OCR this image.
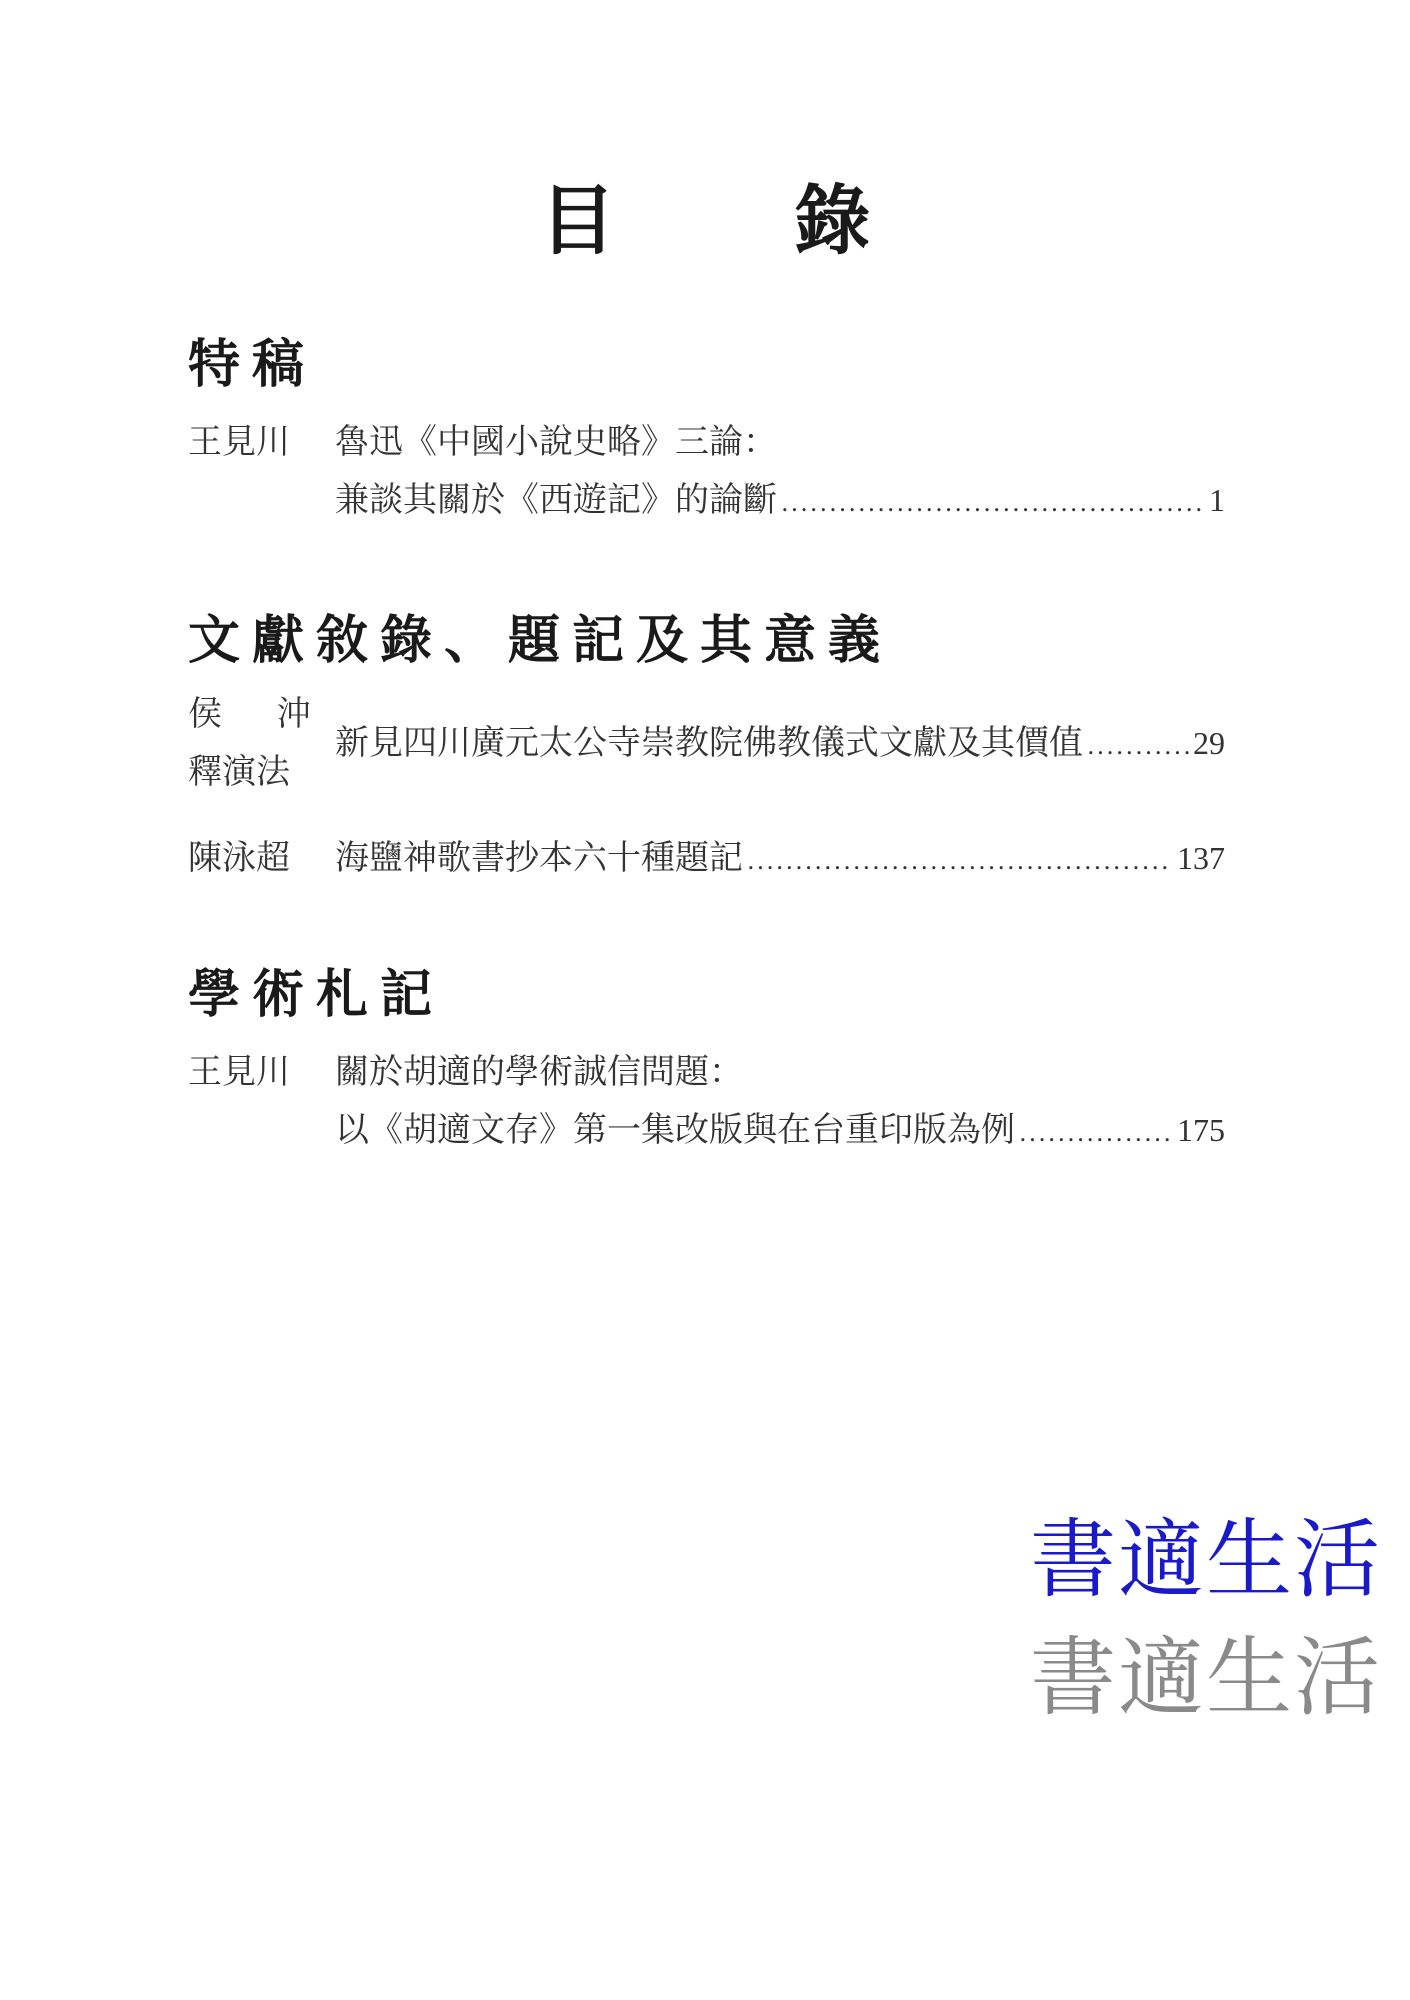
目 錄
特稿
王見川 魯迅《中國小說史略》三論：
兼談其關於《西遊記》的論斷 .....	1
文獻敘錄、題記及其意義
侯 沖
釋演法
新見四川廣元太公寺崇教院佛教儀式文獻及其價值 .....	29
陳泳超 海鹽神歌書抄本六十種題記 .....	137
學術札記
王見川 關於胡適的學術誠信問題：
以《胡適文存》第一集改版與在台重印版為例 .....	175
書適生活
書適生活
